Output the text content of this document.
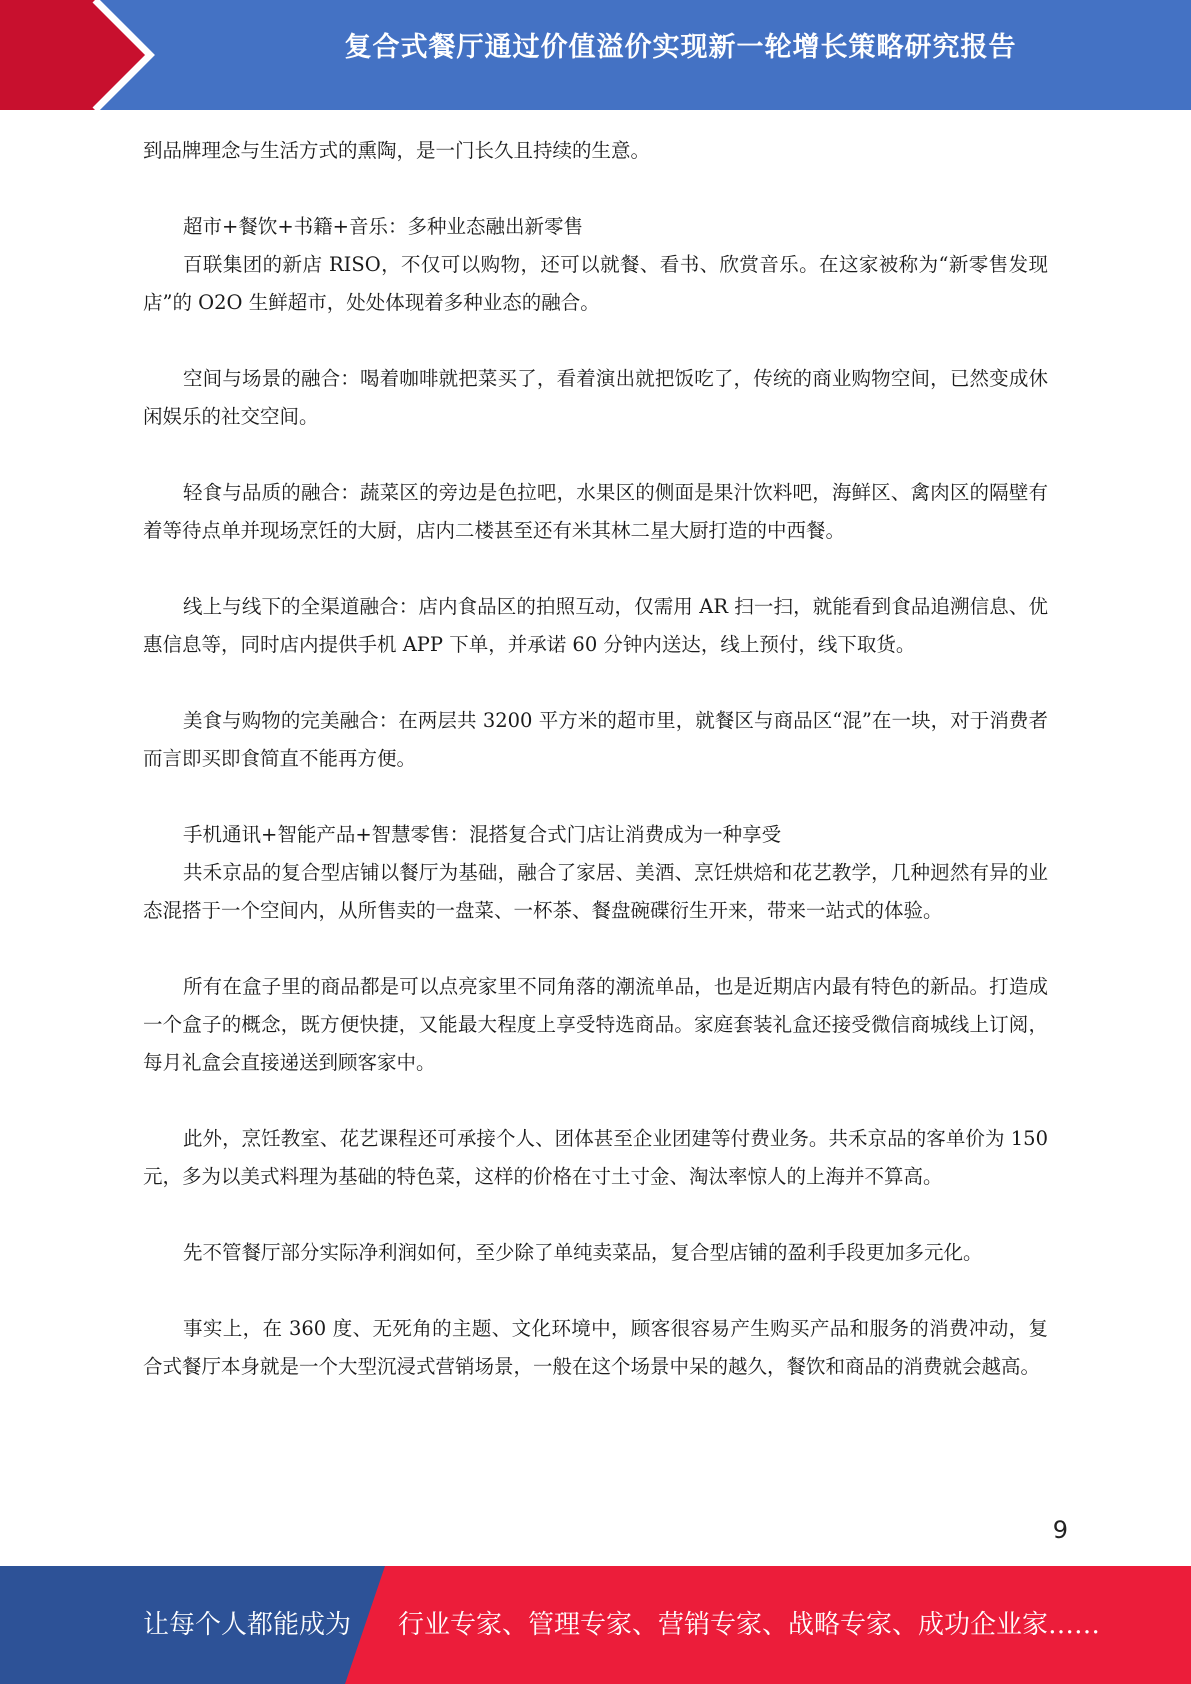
复合式餐厅通过价值溢价实现新一轮增长策略研究报告

到品牌理念与生活方式的熏陶，是一门长久且持续的生意。

超市+餐饮+书籍+音乐：多种业态融出新零售

百联集团的新店 RISO，不仅可以购物，还可以就餐、看书、欣赏音乐。在这家被称为“新零售发现店”的 O2O 生鲜超市，处处体现着多种业态的融合。

空间与场景的融合：喝着咖啡就把菜买了，看着演出就把饭吃了，传统的商业购物空间，已然变成休闲娱乐的社交空间。

轻食与品质的融合：蔬菜区的旁边是色拉吧，水果区的侧面是果汁饮料吧，海鲜区、禽肉区的隔壁有着等待点单并现场烹饪的大厨，店内二楼甚至还有米其林二星大厨打造的中西餐。

线上与线下的全渠道融合：店内食品区的拍照互动，仅需用 AR 扫一扫，就能看到食品追溯信息、优惠信息等，同时店内提供手机 APP 下单，并承诺 60 分钟内送达，线上预付，线下取货。

美食与购物的完美融合：在两层共 3200 平方米的超市里，就餐区与商品区“混”在一块，对于消费者而言即买即食简直不能再方便。

手机通讯+智能产品+智慧零售：混搭复合式门店让消费成为一种享受

共禾京品的复合型店铺以餐厅为基础，融合了家居、美酒、烹饪烘焙和花艺教学，几种迥然有异的业态混搭于一个空间内，从所售卖的一盘菜、一杯茶、餐盘碗碟衍生开来，带来一站式的体验。

所有在盒子里的商品都是可以点亮家里不同角落的潮流单品，也是近期店内最有特色的新品。打造成一个盒子的概念，既方便快捷，又能最大程度上享受特选商品。家庭套装礼盒还接受微信商城线上订阅，每月礼盒会直接递送到顾客家中。

此外，烹饪教室、花艺课程还可承接个人、团体甚至企业团建等付费业务。共禾京品的客单价为 150 元，多为以美式料理为基础的特色菜，这样的价格在寸土寸金、淘汰率惊人的上海并不算高。

先不管餐厅部分实际净利润如何，至少除了单纯卖菜品，复合型店铺的盈利手段更加多元化。

事实上，在 360 度、无死角的主题、文化环境中，顾客很容易产生购买产品和服务的消费冲动，复合式餐厅本身就是一个大型沉浸式营销场景，一般在这个场景中呆的越久，餐饮和商品的消费就会越高。

9
让每个人都能成为 行业专家、管理专家、营销专家、战略专家、成功企业家……
